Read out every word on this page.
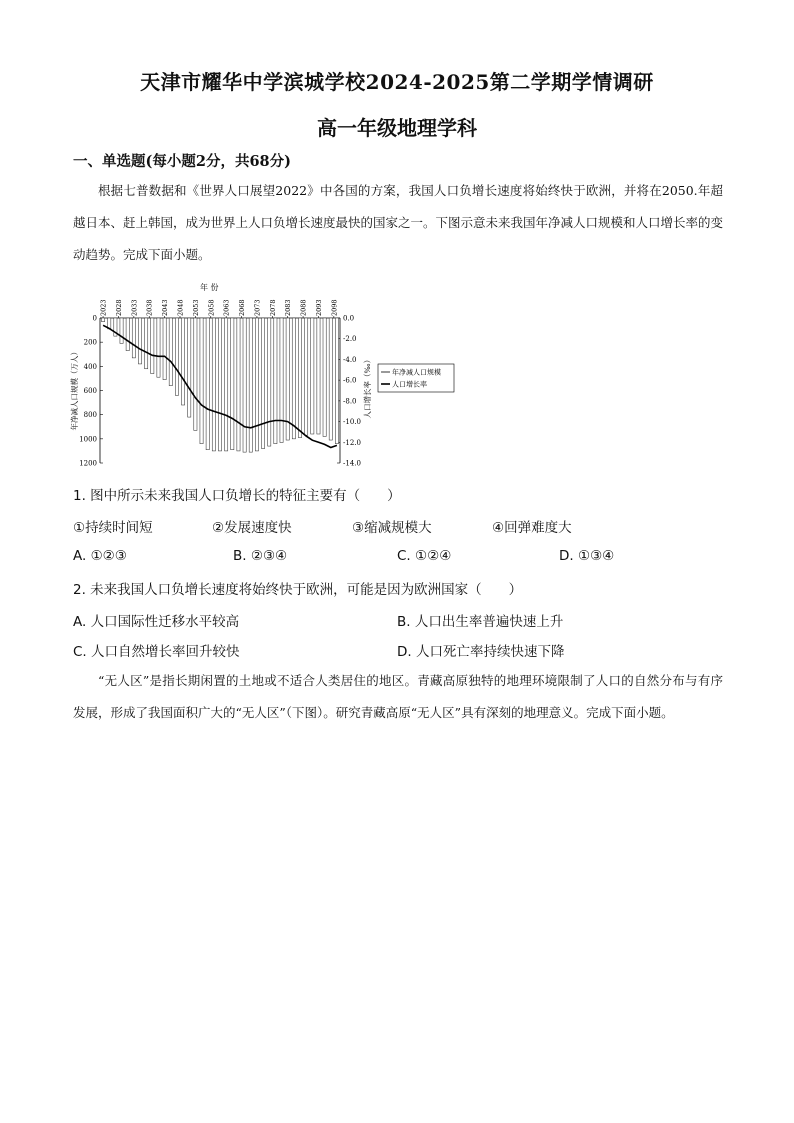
天津市耀华中学滨城学校2024-2025第二学期学情调研
高一年级地理学科
一、单选题(每小题2分，共68分)
根据七普数据和《世界人口展望2022》中各国的方案，我国人口负增长速度将始终快于欧洲，并将在2050.年超越日本、赶上韩国，成为世界上人口负增长速度最快的国家之一。下图示意未来我国年净减人口规模和人口增长率的变动趋势。完成下面小题。
年 份
2023 2028 2033 2038 2043 2048 2053 2058 2063 2068 2073 2078 2083 2088 2093 2098
0
200
400
600
800
1000
1200
0.0
-2.0
-4.0
-6.0
-8.0
-10.0
-12.0
-14.0
年净减人口规模（万人）	人口增长率（‰）	年净减人口规模
人口增长率
1. 图中所示未来我国人口负增长的特征主要有（　　）
①持续时间短	②发展速度快	③缩减规模大	④回弹难度大
A. ①②③	B. ②③④	C. ①②④	D. ①③④
2. 未来我国人口负增长速度将始终快于欧洲，可能是因为欧洲国家（　　）
A. 人口国际性迁移水平较高	B. 人口出生率普遍快速上升
C. 人口自然增长率回升较快	D. 人口死亡率持续快速下降
“无人区”是指长期闲置的土地或不适合人类居住的地区。青藏高原独特的地理环境限制了人口的自然分布与有序发展，形成了我国面积广大的“无人区”（下图）。研究青藏高原“无人区”具有深刻的地理意义。完成下面小题。
